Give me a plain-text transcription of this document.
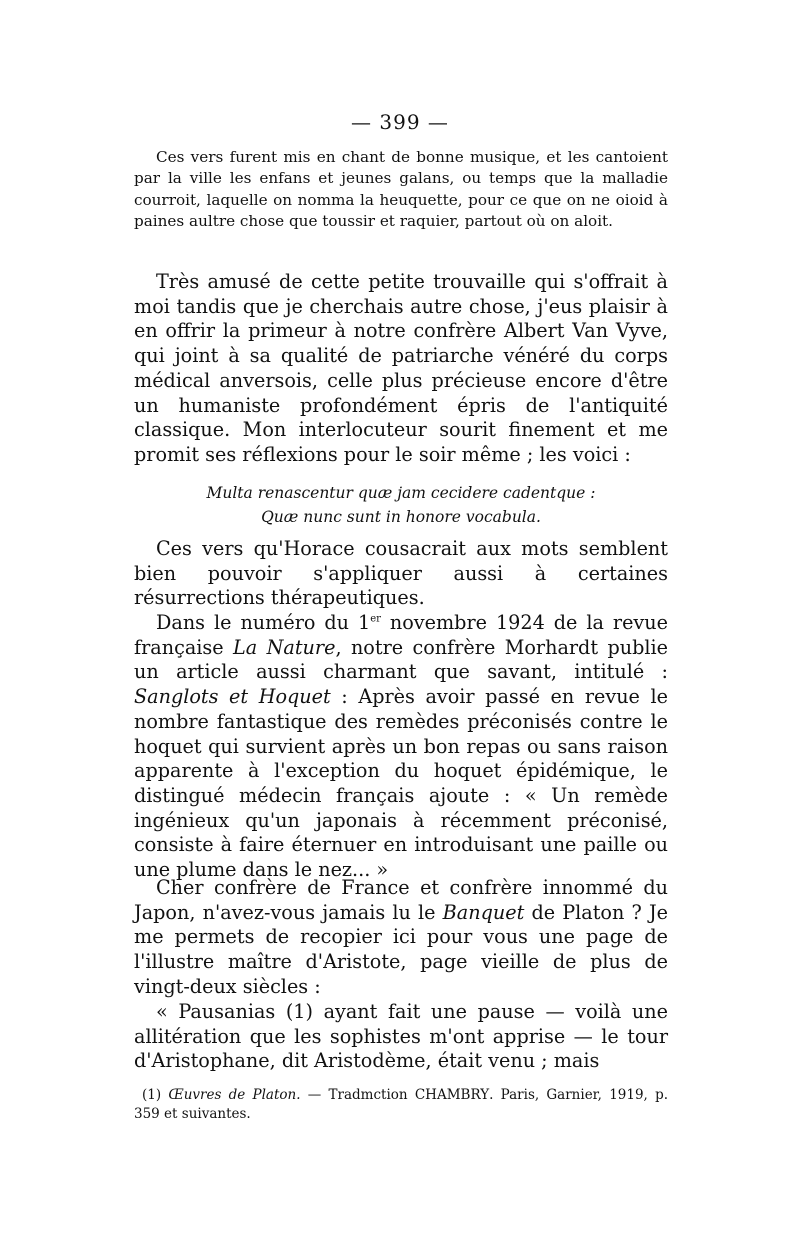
— 399 —

Ces vers furent mis en chant de bonne musique, et les cantoient par la ville les enfans et jeunes galans, ou temps que la malladie courroit, laquelle on nomma la heuquette, pour ce que on ne oioid à paines aultre chose que toussir et raquier, partout où on aloit.

Très amusé de cette petite trouvaille qui s'offrait à moi tandis que je cherchais autre chose, j'eus plaisir à en offrir la primeur à notre confrère Albert Van Vyve, qui joint à sa qualité de patriarche vénéré du corps médical anversois, celle plus précieuse encore d'être un humaniste profondément épris de l'antiquité classique. Mon interlocuteur sourit finement et me promit ses réflexions pour le soir même ; les voici :

Multa renascentur quæ jam cecidere cadentque :
Quæ nunc sunt in honore vocabula.

Ces vers qu'Horace cousacrait aux mots semblent bien pouvoir s'appliquer aussi à certaines résurrections thérapeutiques.

Dans le numéro du 1er novembre 1924 de la revue française La Nature, notre confrère Morhardt publie un article aussi charmant que savant, intitulé : Sanglots et Hoquet : Après avoir passé en revue le nombre fantastique des remèdes préconisés contre le hoquet qui survient après un bon repas ou sans raison apparente à l'exception du hoquet épidémique, le distingué médecin français ajoute : « Un remède ingénieux qu'un japonais à récemment préconisé, consiste à faire éternuer en introduisant une paille ou une plume dans le nez... »

Cher confrère de France et confrère innommé du Japon, n'avez-vous jamais lu le Banquet de Platon ? Je me permets de recopier ici pour vous une page de l'illustre maître d'Aristote, page vieille de plus de vingt-deux siècles :

« Pausanias (1) ayant fait une pause — voilà une allitération que les sophistes m'ont apprise — le tour d'Aristophane, dit Aristodème, était venu ; mais

(1) Œuvres de Platon. — Tradmction CHAMBRY. Paris, Garnier, 1919, p. 359 et suivantes.
